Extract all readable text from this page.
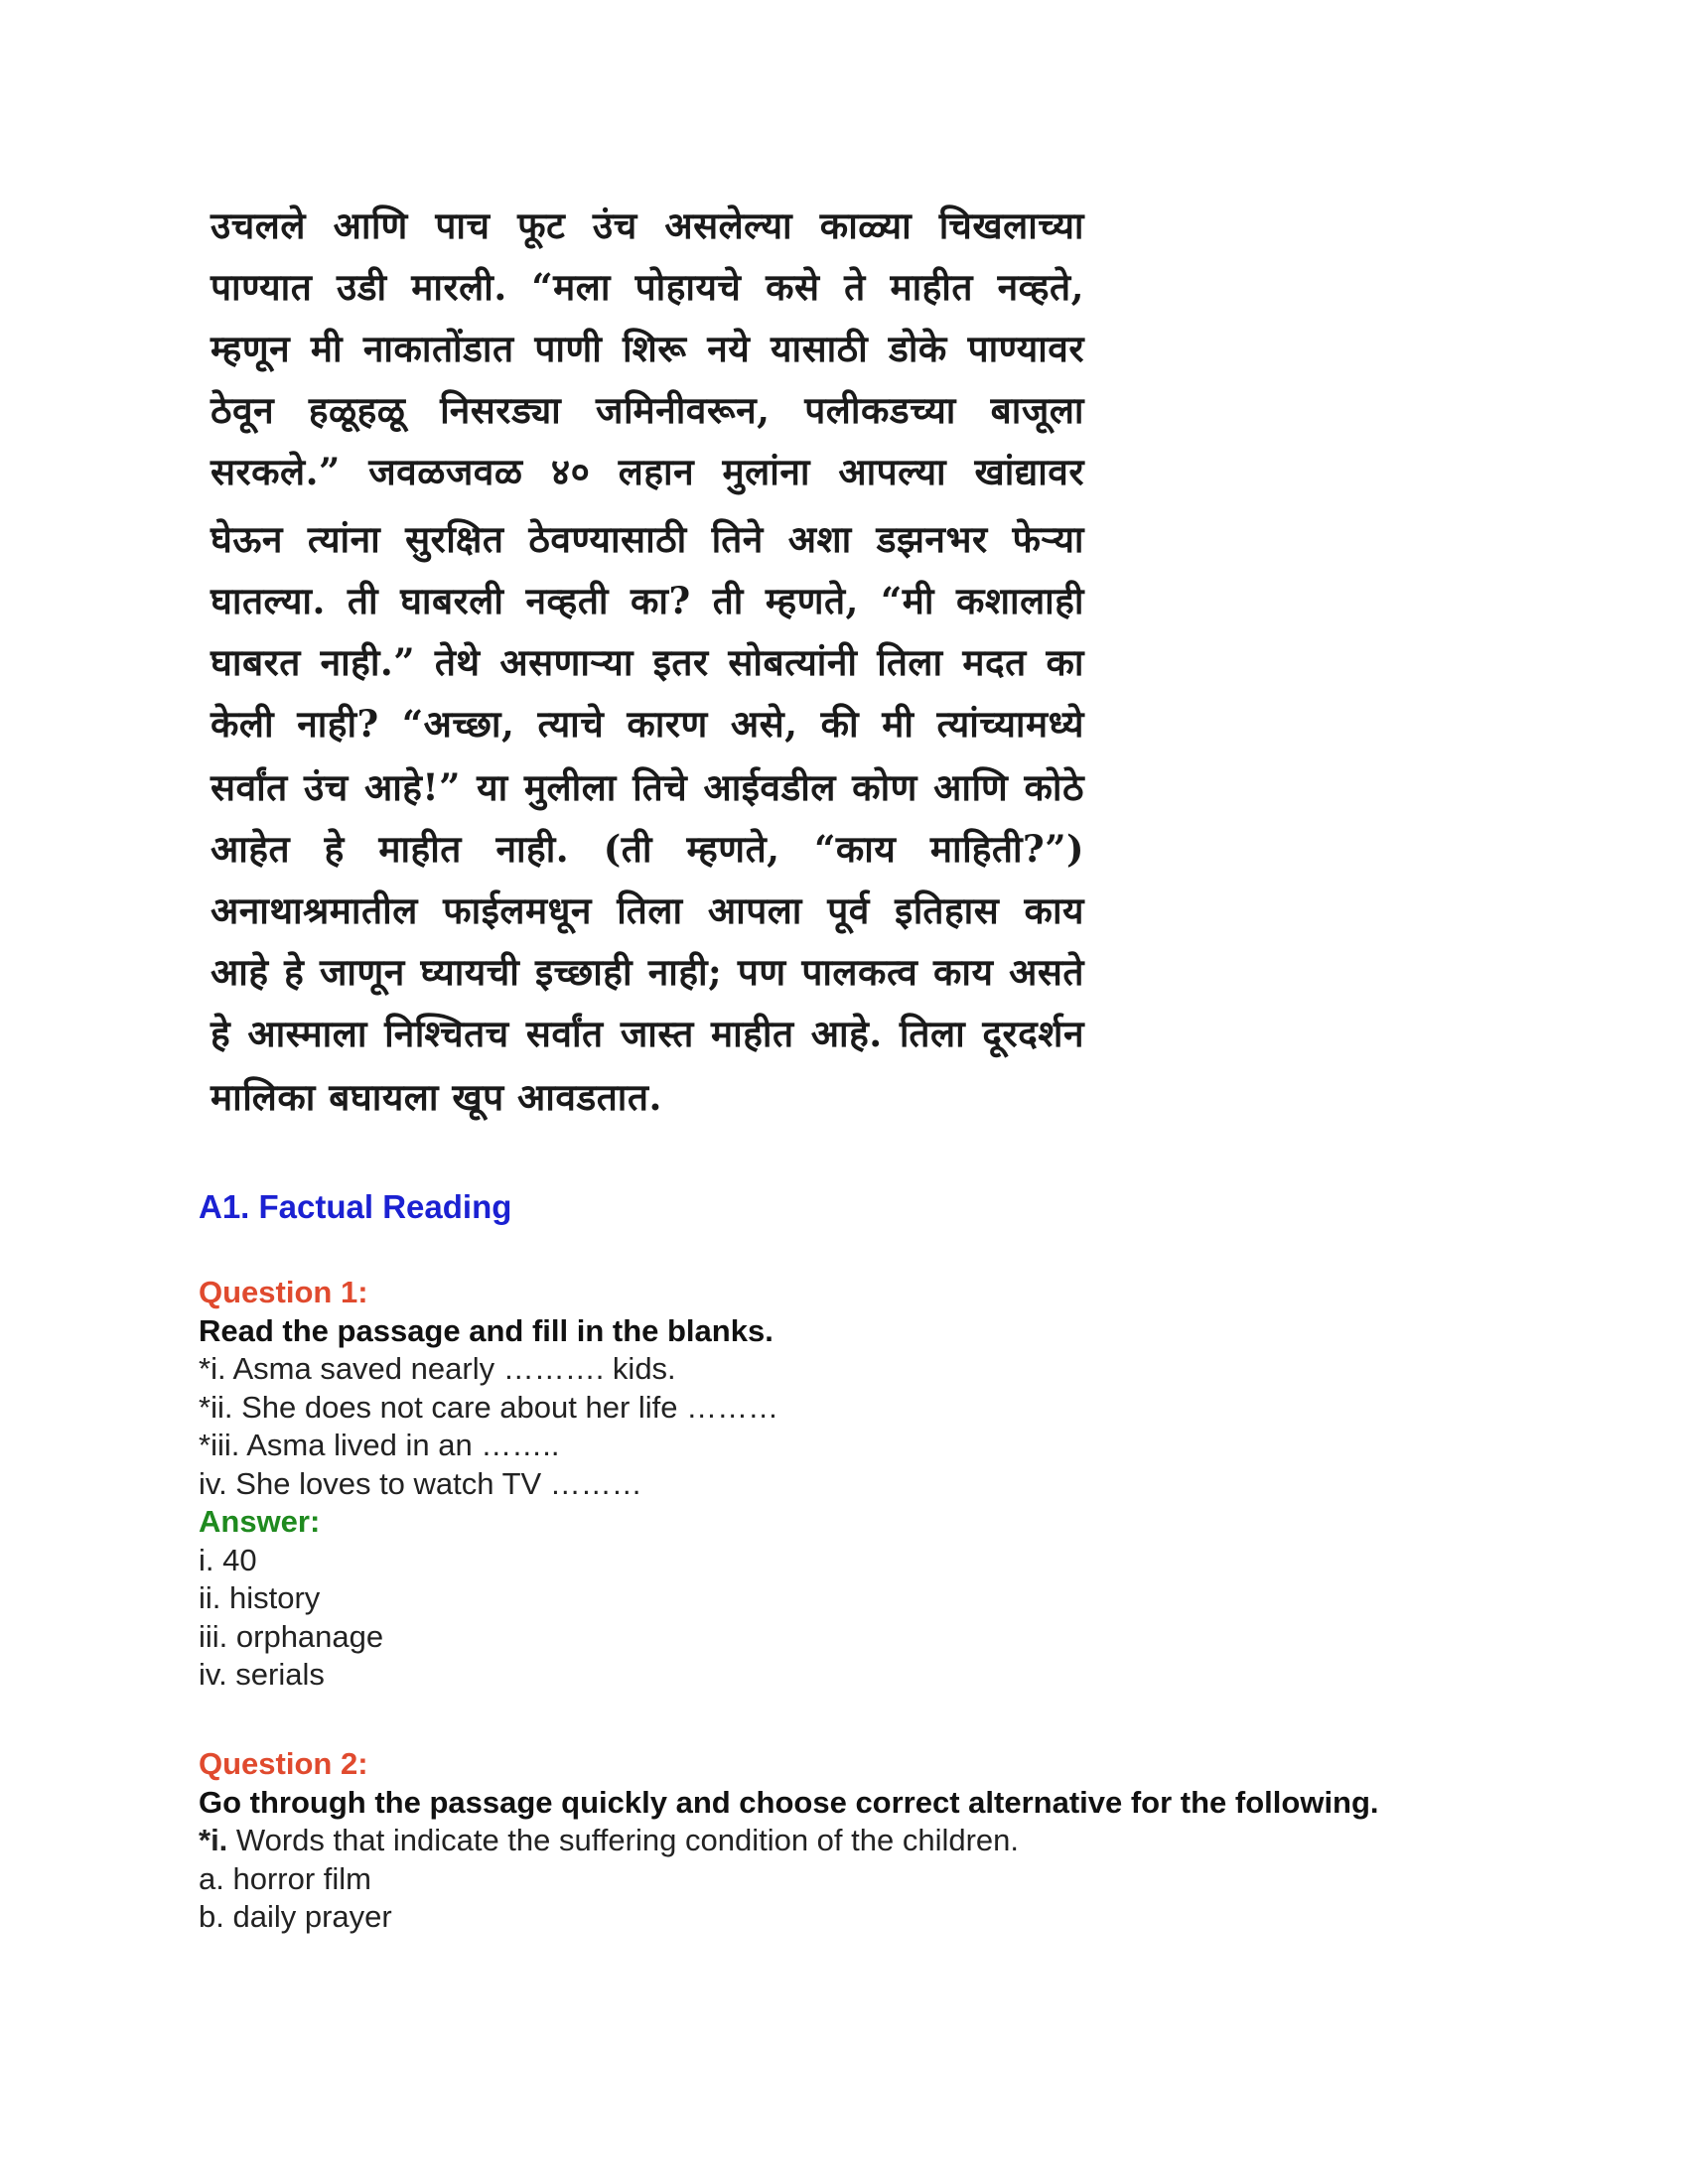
उचलले आणि पाच फूट उंच असलेल्या काळ्या चिखलाच्या
पाण्यात उडी मारली. “मला पोहायचे कसे ते माहीत नव्हते,
म्हणून मी नाकातोंडात पाणी शिरू नये यासाठी डोके पाण्यावर
ठेवून हळूहळू निसरड्या जमिनीवरून, पलीकडच्या बाजूला
सरकले.” जवळजवळ ४० लहान मुलांना आपल्या खांद्यावर
घेऊन त्यांना सुरक्षित ठेवण्यासाठी तिने अशा डझनभर फेऱ्या
घातल्या. ती घाबरली नव्हती का? ती म्हणते, “मी कशालाही
घाबरत नाही.” तेथे असणाऱ्या इतर सोबत्यांनी तिला मदत का
केली नाही? “अच्छा, त्याचे कारण असे, की मी त्यांच्यामध्ये
सर्वांत उंच आहे!” या मुलीला तिचे आईवडील कोण आणि कोठे
आहेत हे माहीत नाही. (ती म्हणते, “काय माहिती?”)
अनाथाश्रमातील फाईलमधून तिला आपला पूर्व इतिहास काय
आहे हे जाणून घ्यायची इच्छाही नाही; पण पालकत्व काय असते
हे आस्माला निश्चितच सर्वांत जास्त माहीत आहे. तिला दूरदर्शन
मालिका बघायला खूप आवडतात.
A1. Factual Reading
Question 1:
Read the passage and fill in the blanks.
*i. Asma saved nearly ………. kids.
*ii. She does not care about her life ………
*iii. Asma lived in an ……..
iv. She loves to watch TV ………
Answer:
i. 40
ii. history
iii. orphanage
iv. serials
Question 2:
Go through the passage quickly and choose correct alternative for the following.
*i. Words that indicate the suffering condition of the children.
a. horror film
b. daily prayer
